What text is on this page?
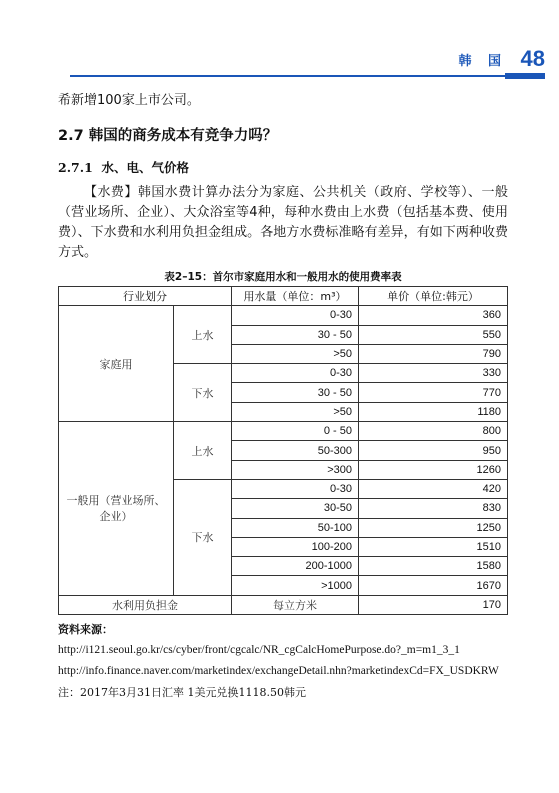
韩 国 48

希新增100家上市公司。

2.7 韩国的商务成本有竞争力吗？
2.7.1 水、电、气价格

【水费】韩国水费计算办法分为家庭、公共机关（政府、学校等）、一般（营业场所、企业）、大众浴室等4种，每种水费由上水费（包括基本费、使用费）、下水费和水利用负担金组成。各地方水费标准略有差异，有如下两种收费方式。

表2–15：首尔市家庭用水和一般用水的使用费率表
行业划分		用水量（单位：m³）	单价（单位:韩元）
家庭用	上水	0-30	360
		30 - 50	550
		>50	790
	下水	0-30	330
		30 - 50	770
		>50	1180
一般用（营业场所、企业）	上水	0 - 50	800
		50-300	950
		>300	1260
	下水	0-30	420
		30-50	830
		50-100	1250
		100-200	1510
		200-1000	1580
		>1000	1670
水利用负担金		每立方米	170
资料来源：
http://i121.seoul.go.kr/cs/cyber/front/cgcalc/NR_cgCalcHomePurpose.do?_m=m1_3_1
http://info.finance.naver.com/marketindex/exchangeDetail.nhn?marketindexCd=FX_USDKRW
注：2017年3月31日汇率 1美元兑换1118.50韩元
